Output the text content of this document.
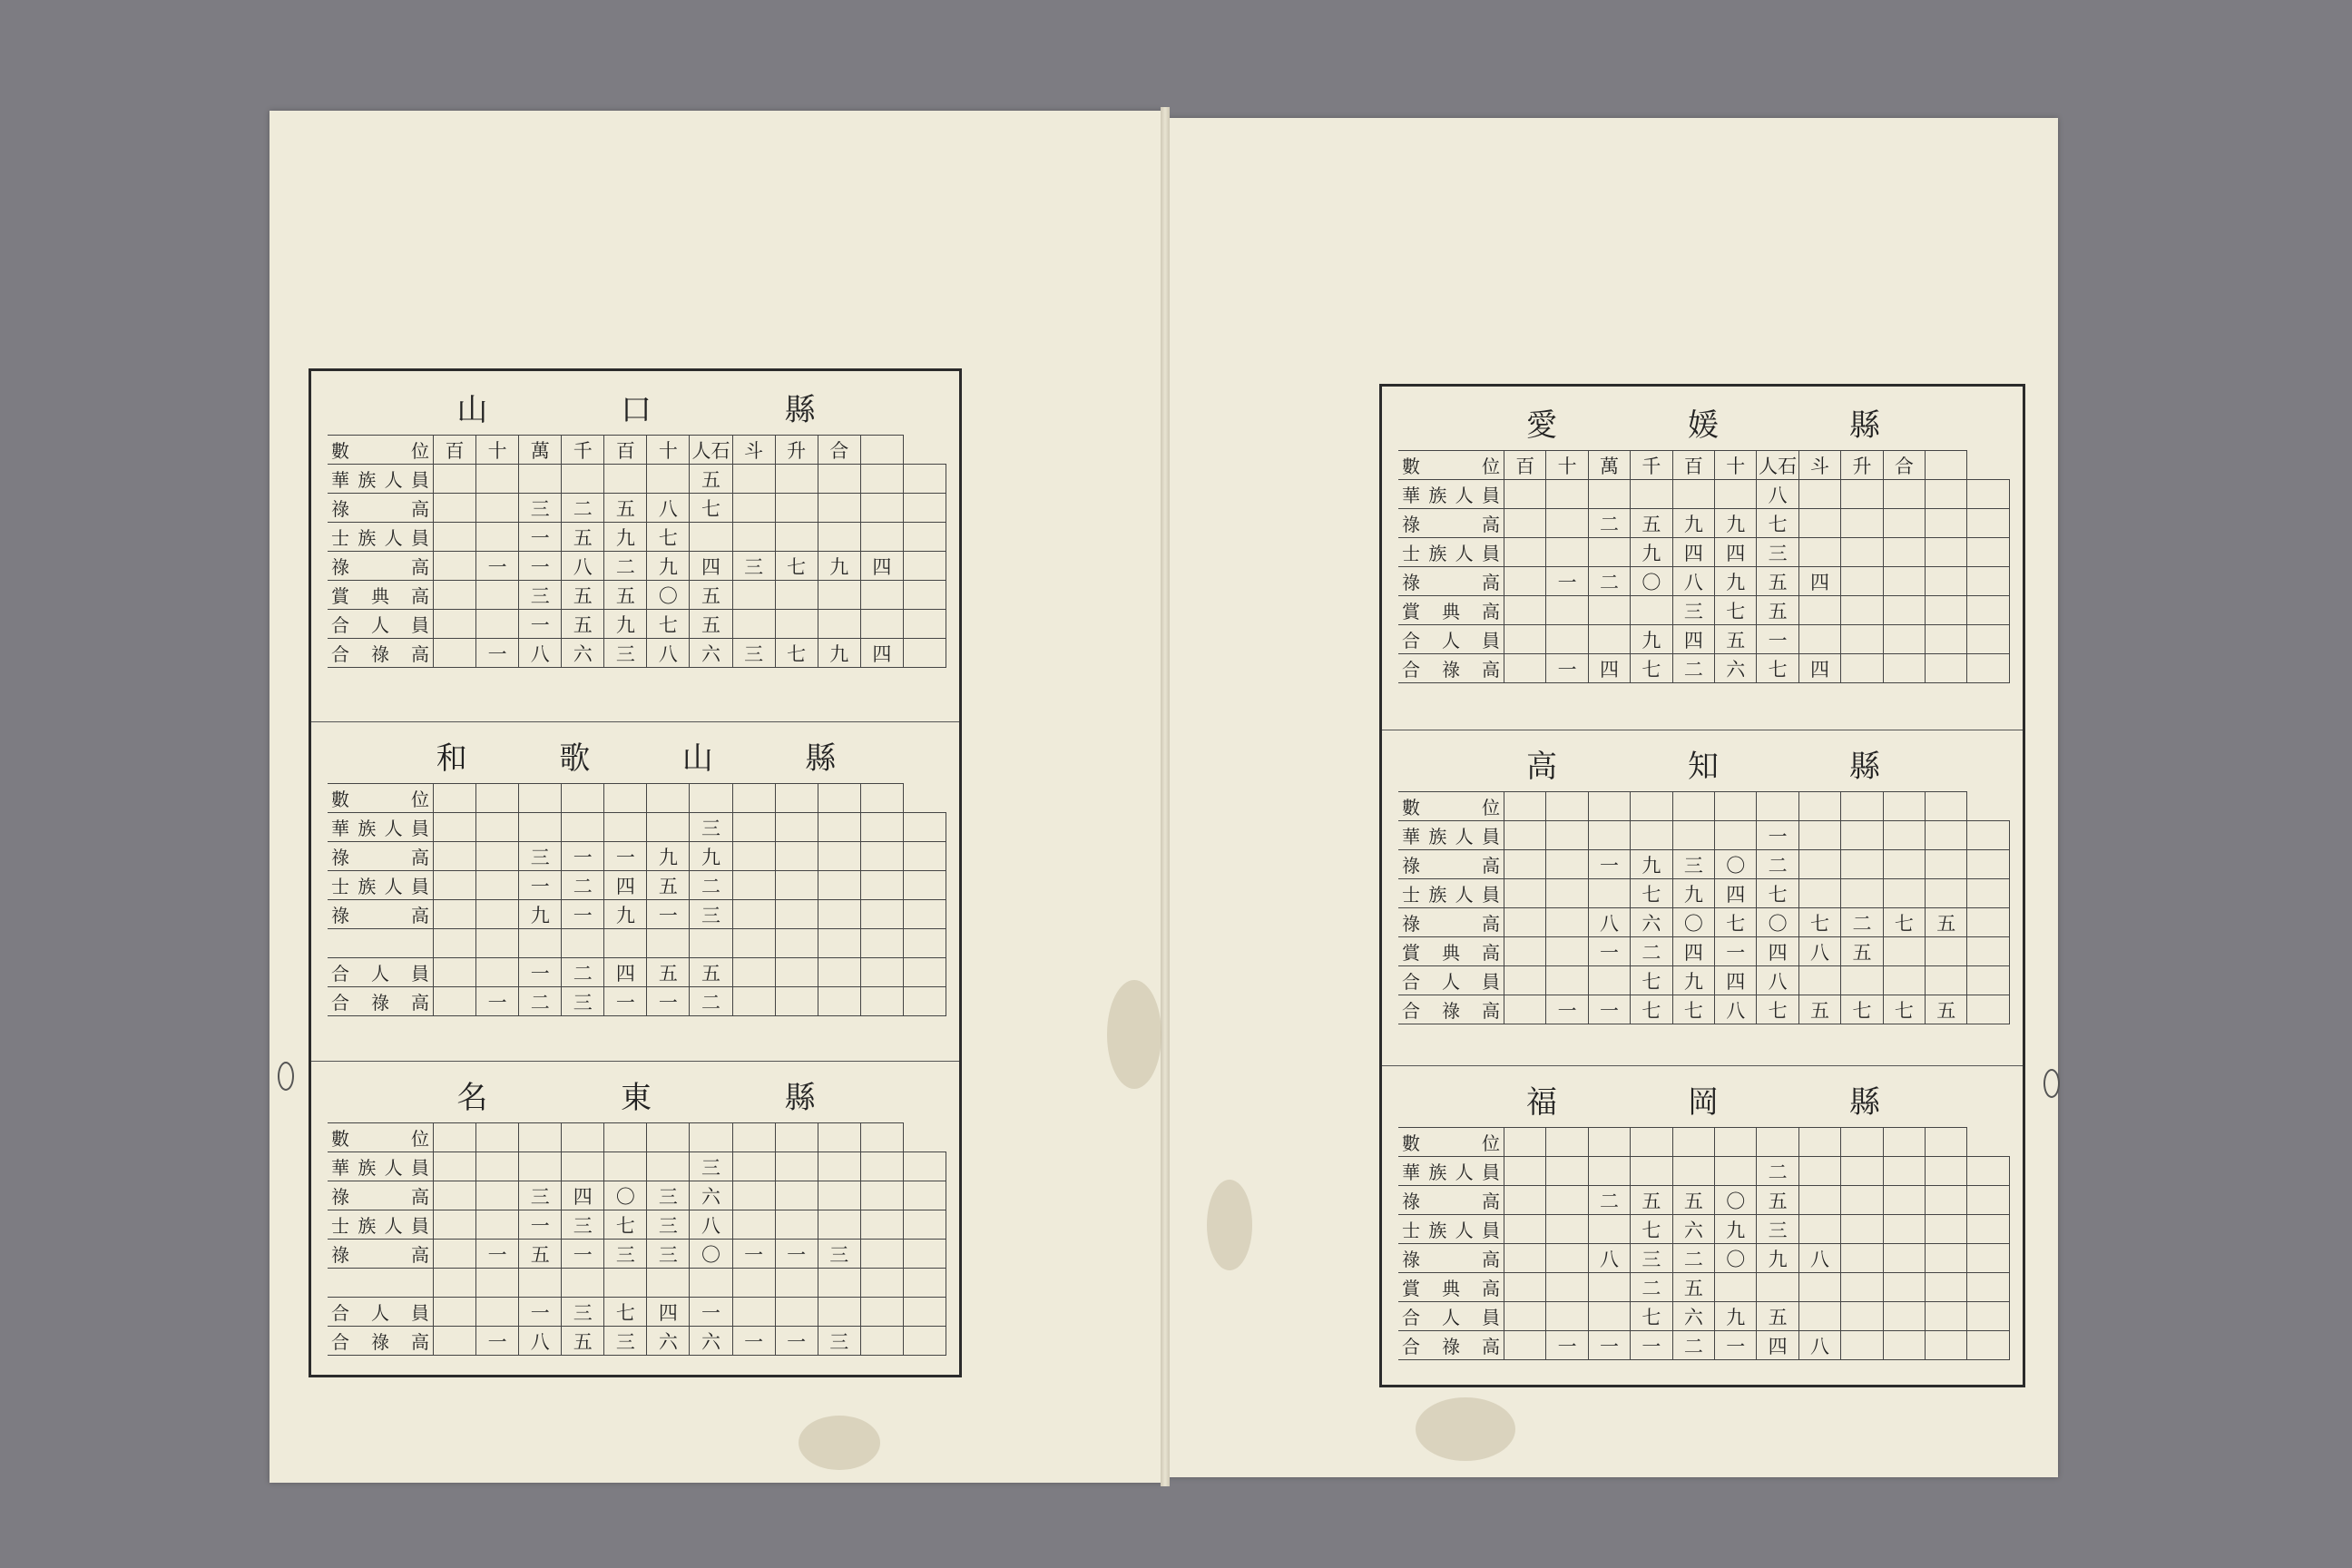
山	口	縣
數位	百	十	萬	千	百	十	人石	斗	升	合		
華族人員							五					
祿高			三	二	五	八	七					
士族人員			一	五	九	七						
祿高		一	一	八	二	九	四	三	七	九	四	
賞典高			三	五	五	〇	五					
合人員			一	五	九	七	五					
合祿高		一	八	六	三	八	六	三	七	九	四	
和	歌	山	縣
數位												
華族人員							三					
祿高			三	一	一	九	九					
士族人員			一	二	四	五	二					
祿高			九	一	九	一	三					

合人員			一	二	四	五	五					
合祿高		一	二	三	一	一	二					
名	東	縣
數位												
華族人員							三					
祿高			三	四	〇	三	六					
士族人員			一	三	七	三	八					
祿高		一	五	一	三	三	〇	一	一	三		

合人員			一	三	七	四	一					
合祿高		一	八	五	三	六	六	一	一	三		
愛	媛	縣
數位	百	十	萬	千	百	十	人石	斗	升	合		
華族人員							八					
祿高			二	五	九	九	七					
士族人員				九	四	四	三					
祿高		一	二	〇	八	九	五	四				
賞典高					三	七	五					
合人員				九	四	五	一					
合祿高		一	四	七	二	六	七	四				
高	知	縣
數位												
華族人員							一					
祿高			一	九	三	〇	二					
士族人員				七	九	四	七					
祿高			八	六	〇	七	〇	七	二	七	五	
賞典高			一	二	四	一	四	八	五			
合人員				七	九	四	八					
合祿高		一	一	七	七	八	七	五	七	七	五	
福	岡	縣
數位												
華族人員							二					
祿高			二	五	五	〇	五					
士族人員				七	六	九	三					
祿高			八	三	二	〇	九	八				
賞典高				二	五							
合人員				七	六	九	五					
合祿高		一	一	一	二	一	四	八				
